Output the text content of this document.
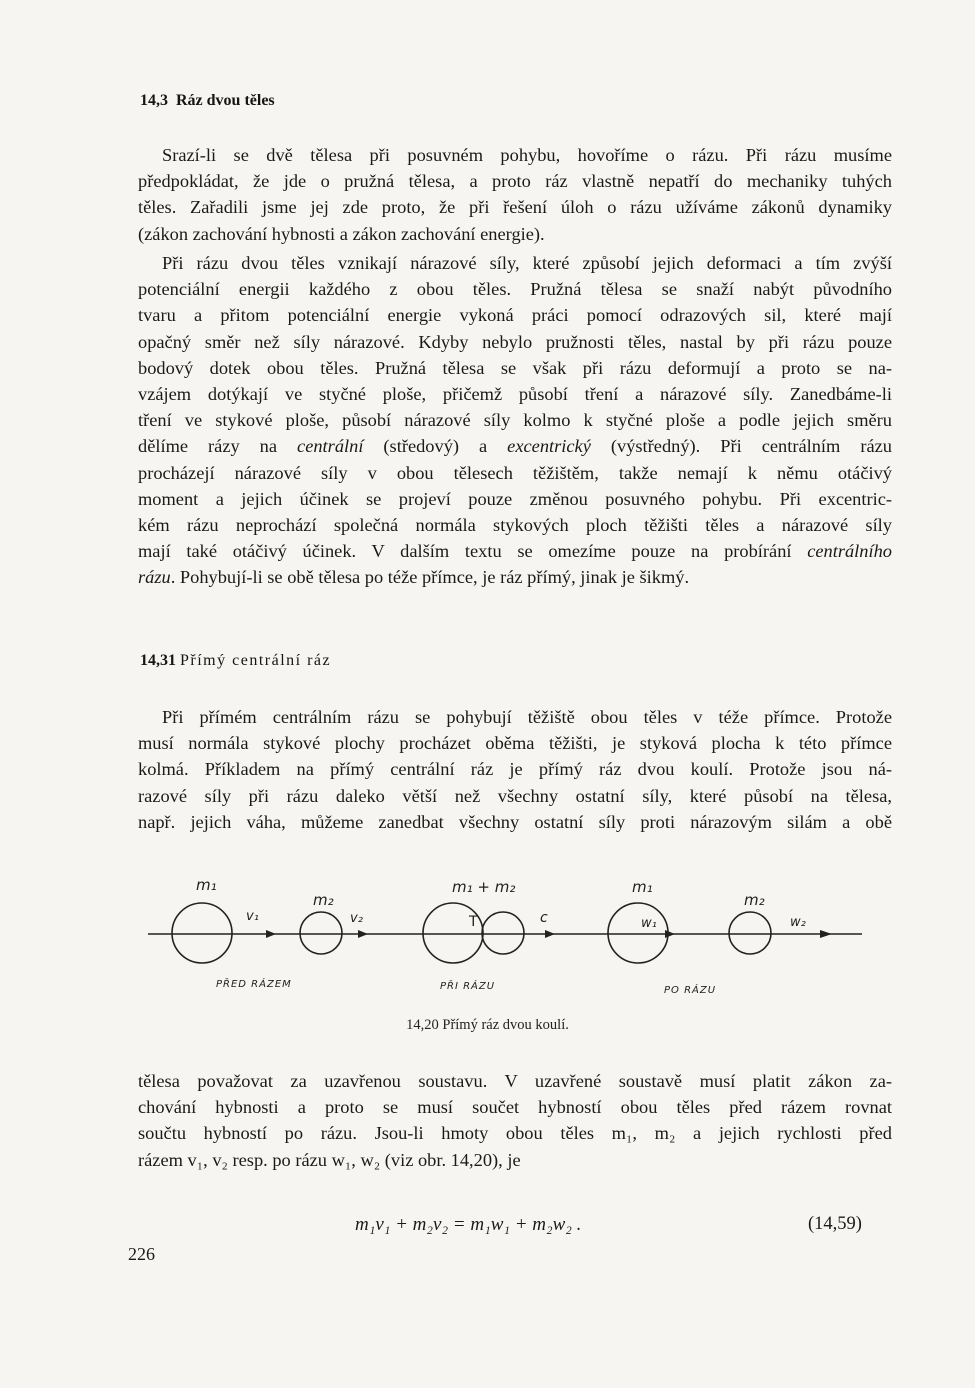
14,3 Ráz dvou těles
Srazí-li se dvě tělesa při posuvném pohybu, hovoříme o rázu. Při rázu musíme
předpokládat, že jde o pružná tělesa, a proto ráz vlastně nepatří do mechaniky tuhých
těles. Zařadili jsme jej zde proto, že při řešení úloh o rázu užíváme zákonů dynamiky
(zákon zachování hybnosti a zákon zachování energie).
Při rázu dvou těles vznikají nárazové síly, které způsobí jejich deformaci a tím zvýší
potenciální energii každého z obou těles. Pružná tělesa se snaží nabýt původního
tvaru a přitom potenciální energie vykoná práci pomocí odrazových sil, které mají
opačný směr než síly nárazové. Kdyby nebylo pružnosti těles, nastal by při rázu pouze
bodový dotek obou těles. Pružná tělesa se však při rázu deformují a proto se na-
vzájem dotýkají ve styčné ploše, přičemž působí tření a nárazové síly. Zanedbáme-li
tření ve stykové ploše, působí nárazové síly kolmo k styčné ploše a podle jejich směru
dělíme rázy na centrální (středový) a excentrický (výstředný). Při centrálním rázu
procházejí nárazové síly v obou tělesech těžištěm, takže nemají k němu otáčivý
moment a jejich účinek se projeví pouze změnou posuvného pohybu. Při excentric-
kém rázu neprochází společná normála stykových ploch těžišti těles a nárazové síly
mají také otáčivý účinek. V dalším textu se omezíme pouze na probírání centrálního
rázu. Pohybují-li se obě tělesa po téže přímce, je ráz přímý, jinak je šikmý.
14,31 Přímý centrální ráz
Při přímém centrálním rázu se pohybují těžiště obou těles v téže přímce. Protože
musí normála stykové plochy procházet oběma těžišti, je styková plocha k této přímce
kolmá. Příkladem na přímý centrální ráz je přímý ráz dvou koulí. Protože jsou ná-
razové síly při rázu daleko větší než všechny ostatní síly, které působí na tělesa,
např. jejich váha, můžeme zanedbat všechny ostatní síly proti nárazovým silám a obě
m₁
m₂
v₁	v₂
m₁ + m₂
T	c
m₁
w₁
m₂
w₂
PŘED RÁZEM	PŘI RÁZU	PO RÁZU
14,20 Přímý ráz dvou koulí.
tělesa považovat za uzavřenou soustavu. V uzavřené soustavě musí platit zákon za-
chování hybnosti a proto se musí součet hybností obou těles před rázem rovnat
součtu hybností po rázu. Jsou-li hmoty obou těles m₁, m₂ a jejich rychlosti před
rázem v₁, v₂ resp. po rázu w₁, w₂ (viz obr. 14,20), je
m₁v₁ + m₂v₂ = m₁w₁ + m₂w₂ .	(14,59)
226
